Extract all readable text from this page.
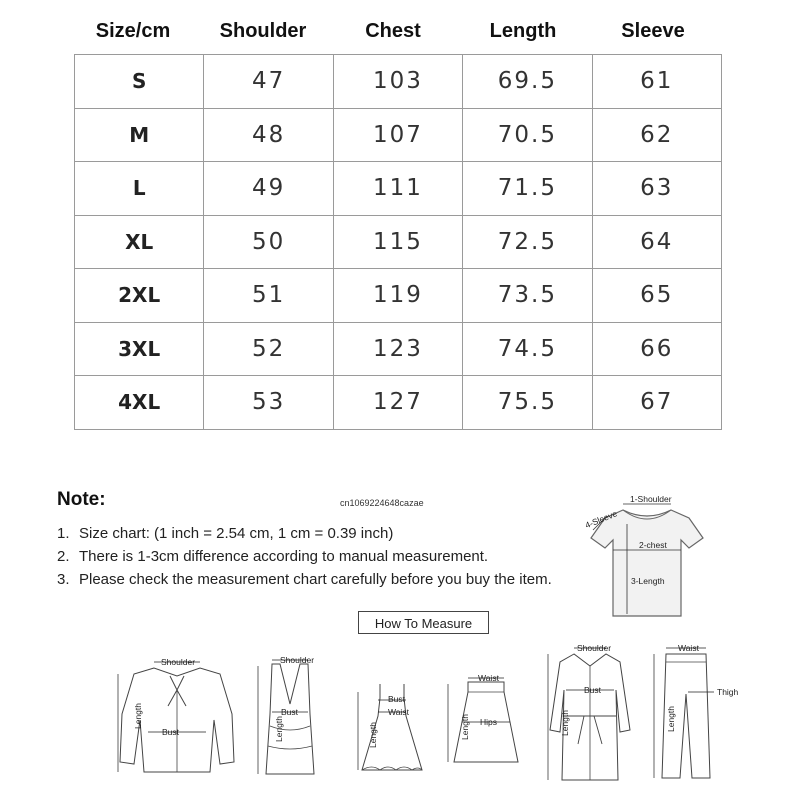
Size/cm	Shoulder	Chest	Length	Sleeve
S	47	103	69.5	61
M	48	107	70.5	62
L	49	111	71.5	63
XL	50	115	72.5	64
2XL	51	119	73.5	65
3XL	52	123	74.5	66
4XL	53	127	75.5	67
Note:	cn1069224648cazae
1. Size chart: (1 inch = 2.54 cm, 1 cm = 0.39 inch)
2. There is 1-3cm difference according to manual measurement.
3. Please check the measurement chart carefully before you buy the item.
1-Shoulder
4-Sleeve
2-chest
3-Length
How To Measure
Shoulder
Bust
Length
Shoulder
Bust
Length
Bust
Waist
Length
Waist
Hips
Length
Shoulder
Bust
Length
Waist
Thigh
Length
